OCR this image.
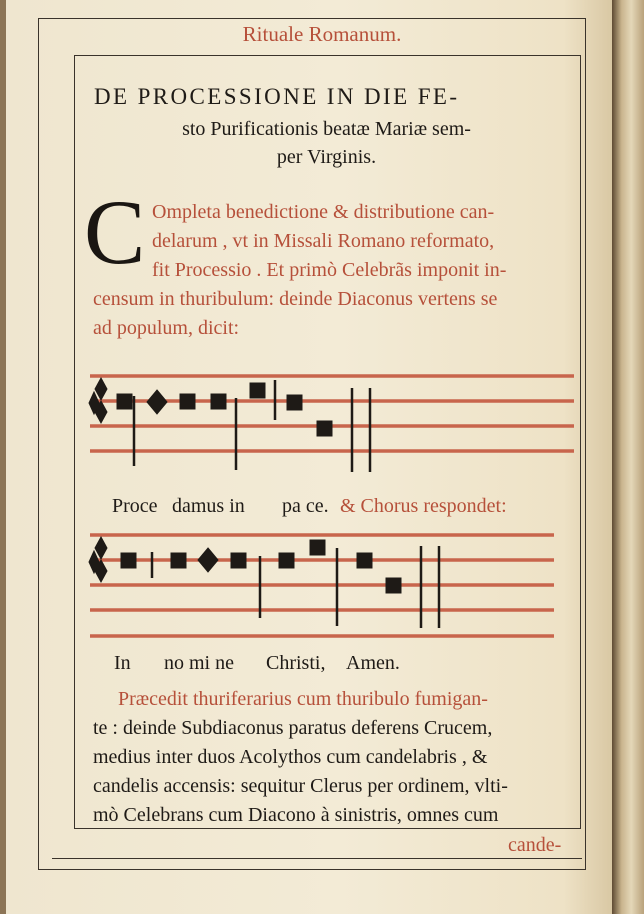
Rituale Romanum.
DE PROCESSIONE IN DIE FE-
sto Purificationis beatæ Mariæ sem-
per Virginis.
C Ompleta benedictione & distributione can-
delarum , vt in Missali Romano reformato,
fit Processio . Et primò Celebrãs imponit in-
censum in thuribulum: deinde Diaconus vertens se
ad populum, dicit:
Proce damus in pa ce. & Chorus respondet:
In no mi ne Christi, Amen.
Præcedit thuriferarius cum thuribulo fumigan-
te : deinde Subdiaconus paratus deferens Crucem,
medius inter duos Acolythos cum candelabris , &
candelis accensis: sequitur Clerus per ordinem, vlti-
mò Celebrans cum Diacono à sinistris, omnes cum
cande-
